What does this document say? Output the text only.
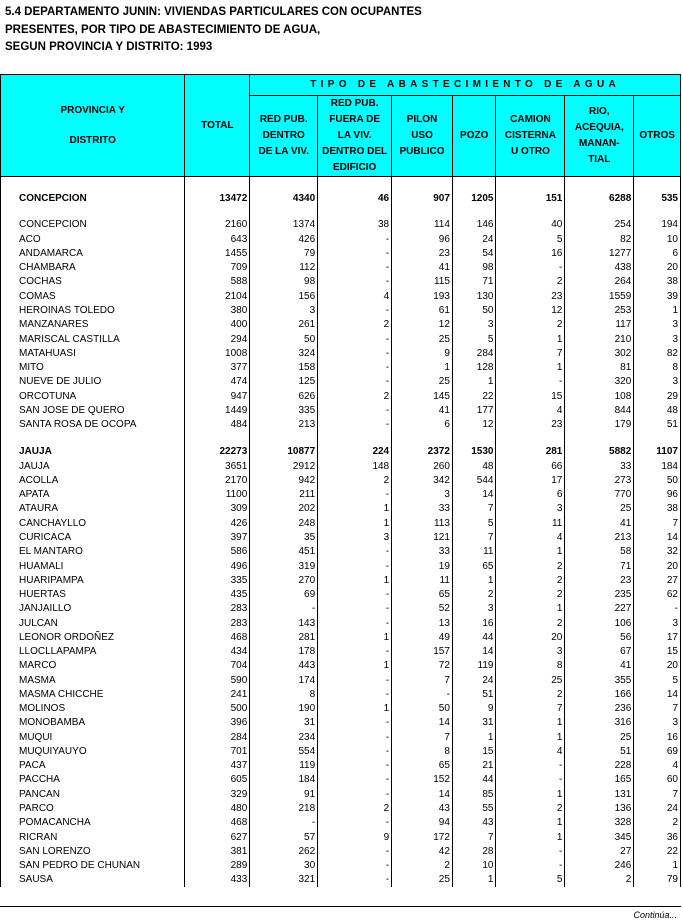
5.4 DEPARTAMENTO JUNIN: VIVIENDAS PARTICULARES CON OCUPANTES
PRESENTES, POR TIPO DE ABASTECIMIENTO DE AGUA,
SEGUN PROVINCIA Y DISTRITO: 1993
PROVINCIA Y
DISTRITO	TOTAL	TIPO DE ABASTECIMIENTO DE AGUA						

		RED PUB.
DENTRO
DE LA VIV.	RED PUB.
FUERA DE
LA VIV.
DENTRO DEL
EDIFICIO	PILON
USO
PUBLICO	POZO	CAMION
CISTERNA
U OTRO	RIO,
ACEQUIA,
MANAN-
TIAL	OTROS

CONCEPCION	13472	4340	46	907	1205	151	6288	535

CONCEPCION	2160	1374	38	114	146	40	254	194
ACO	643	426	-	96	24	5	82	10
ANDAMARCA	1455	79	-	23	54	16	1277	6
CHAMBARA	709	112	-	41	98	-	438	20
COCHAS	588	98	-	115	71	2	264	38
COMAS	2104	156	4	193	130	23	1559	39
HEROINAS TOLEDO	380	3	-	61	50	12	253	1
MANZANARES	400	261	2	12	3	2	117	3
MARISCAL CASTILLA	294	50	-	25	5	1	210	3
MATAHUASI	1008	324	-	9	284	7	302	82
MITO	377	158	-	1	128	1	81	8
NUEVE DE JULIO	474	125	-	25	1	-	320	3
ORCOTUNA	947	626	2	145	22	15	108	29
SAN JOSE DE QUERO	1449	335	-	41	177	4	844	48
SANTA ROSA DE OCOPA	484	213	-	6	12	23	179	51

JAUJA	22273	10877	224	2372	1530	281	5882	1107
JAUJA	3651	2912	148	260	48	66	33	184
ACOLLA	2170	942	2	342	544	17	273	50
APATA	1100	211	-	3	14	6	770	96
ATAURA	309	202	1	33	7	3	25	38
CANCHAYLLO	426	248	1	113	5	11	41	7
CURICACA	397	35	3	121	7	4	213	14
EL MANTARO	586	451	-	33	11	1	58	32
HUAMALI	496	319	-	19	65	2	71	20
HUARIPAMPA	335	270	1	11	1	2	23	27
HUERTAS	435	69	-	65	2	2	235	62
JANJAILLO	283	-	-	52	3	1	227	-
JULCAN	283	143	-	13	16	2	106	3
LEONOR ORDOÑEZ	468	281	1	49	44	20	56	17
LLOCLLAPAMPA	434	178	-	157	14	3	67	15
MARCO	704	443	1	72	119	8	41	20
MASMA	590	174	-	7	24	25	355	5
MASMA CHICCHE	241	8	-	-	51	2	166	14
MOLINOS	500	190	1	50	9	7	236	7
MONOBAMBA	396	31	-	14	31	1	316	3
MUQUI	284	234	-	7	1	1	25	16
MUQUIYAUYO	701	554	-	8	15	4	51	69
PACA	437	119	-	65	21	-	228	4
PACCHA	605	184	-	152	44	-	165	60
PANCAN	329	91	-	14	85	1	131	7
PARCO	480	218	2	43	55	2	136	24
POMACANCHA	468	-	-	94	43	1	328	2
RICRAN	627	57	9	172	7	1	345	36
SAN LORENZO	381	262	-	42	28	-	27	22
SAN PEDRO DE CHUNAN	289	30	-	2	10	-	246	1
SAUSA	433	321	-	25	1	5	2	79
Continúa...
